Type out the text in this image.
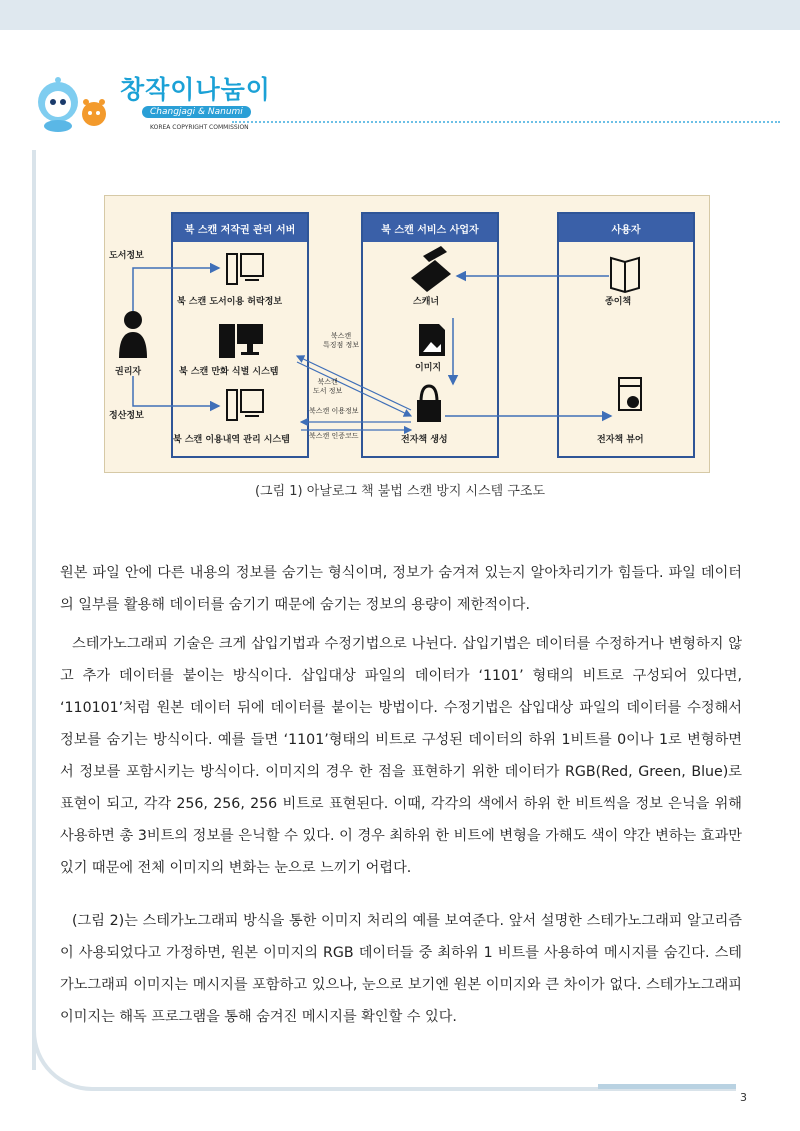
창작이나눔이
Changjagi & Nanumi
KOREA COPYRIGHT COMMISSION
북 스캔 저작권 관리 서버	북 스캔 서비스 사업자	사용자
도서정보
북 스캔 도서이용 허락정보
권리자	북 스캔 만화 식별 시스템
정산정보
북 스캔 이용내역 관리 시스템
스캐너
이미지
전자책 생성
종이책
전자책 뷰어
북스캔
특징점 정보
북스캔
도서 정보
북스캔 이용정보
북스캔 인증코드
(그림 1) 아날로그 책 불법 스캔 방지 시스템 구조도
원본 파일 안에 다른 내용의 정보를 숨기는 형식이며, 정보가 숨겨져 있는지 알아차리기가 힘들다. 파일 데이터의 일부를 활용해 데이터를 숨기기 때문에 숨기는 정보의 용량이 제한적이다.
스테가노그래피 기술은 크게 삽입기법과 수정기법으로 나뉜다. 삽입기법은 데이터를 수정하거나 변형하지 않고 추가 데이터를 붙이는 방식이다. 삽입대상 파일의 데이터가 ‘1101’ 형태의 비트로 구성되어 있다면, ‘110101’처럼 원본 데이터 뒤에 데이터를 붙이는 방법이다. 수정기법은 삽입대상 파일의 데이터를 수정해서 정보를 숨기는 방식이다. 예를 들면 ‘1101’형태의 비트로 구성된 데이터의 하위 1비트를 0이나 1로 변형하면서 정보를 포함시키는 방식이다. 이미지의 경우 한 점을 표현하기 위한 데이터가 RGB(Red, Green, Blue)로 표현이 되고, 각각 256, 256, 256 비트로 표현된다. 이때, 각각의 색에서 하위 한 비트씩을 정보 은닉을 위해 사용하면 총 3비트의 정보를 은닉할 수 있다. 이 경우 최하위 한 비트에 변형을 가해도 색이 약간 변하는 효과만 있기 때문에 전체 이미지의 변화는 눈으로 느끼기 어렵다.
(그림 2)는 스테가노그래피 방식을 통한 이미지 처리의 예를 보여준다. 앞서 설명한 스테가노그래피 알고리즘이 사용되었다고 가정하면, 원본 이미지의 RGB 데이터들 중 최하위 1 비트를 사용하여 메시지를 숨긴다. 스테가노그래피 이미지는 메시지를 포함하고 있으나, 눈으로 보기엔 원본 이미지와 큰 차이가 없다. 스테가노그래피 이미지는 해독 프로그램을 통해 숨겨진 메시지를 확인할 수 있다.
3
